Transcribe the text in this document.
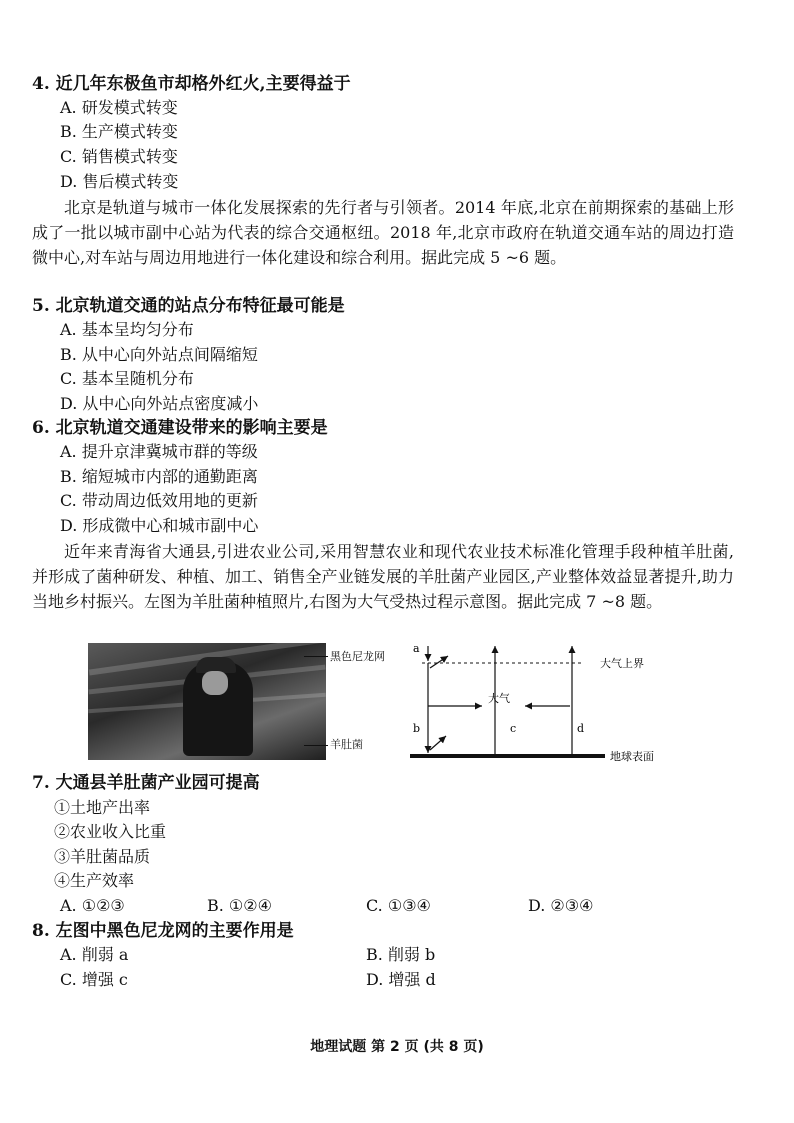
4. 近几年东极鱼市却格外红火,主要得益于
A. 研发模式转变
B. 生产模式转变
C. 销售模式转变
D. 售后模式转变
北京是轨道与城市一体化发展探索的先行者与引领者。2014 年底,北京在前期探索的基础上形成了一批以城市副中心站为代表的综合交通枢纽。2018 年,北京市政府在轨道交通车站的周边打造微中心,对车站与周边用地进行一体化建设和综合利用。据此完成 5 ~6 题。
5. 北京轨道交通的站点分布特征最可能是
A. 基本呈均匀分布
B. 从中心向外站点间隔缩短
C. 基本呈随机分布
D. 从中心向外站点密度减小
6. 北京轨道交通建设带来的影响主要是
A. 提升京津冀城市群的等级
B. 缩短城市内部的通勤距离
C. 带动周边低效用地的更新
D. 形成微中心和城市副中心
近年来青海省大通县,引进农业公司,采用智慧农业和现代农业技术标准化管理手段种植羊肚菌,并形成了菌种研发、种植、加工、销售全产业链发展的羊肚菌产业园区,产业整体效益显著提升,助力当地乡村振兴。左图为羊肚菌种植照片,右图为大气受热过程示意图。据此完成 7 ~8 题。
黑色尼龙网
羊肚菌
a
b	c	d
大气
大气上界
地球表面
7. 大通县羊肚菌产业园可提高
①土地产出率
②农业收入比重
③羊肚菌品质
④生产效率
A. ①②③	B. ①②④	C. ①③④	D. ②③④
8. 左图中黑色尼龙网的主要作用是
A. 削弱 a	B. 削弱 b
C. 增强 c	D. 增强 d
地理试题 第 2 页 (共 8 页)
